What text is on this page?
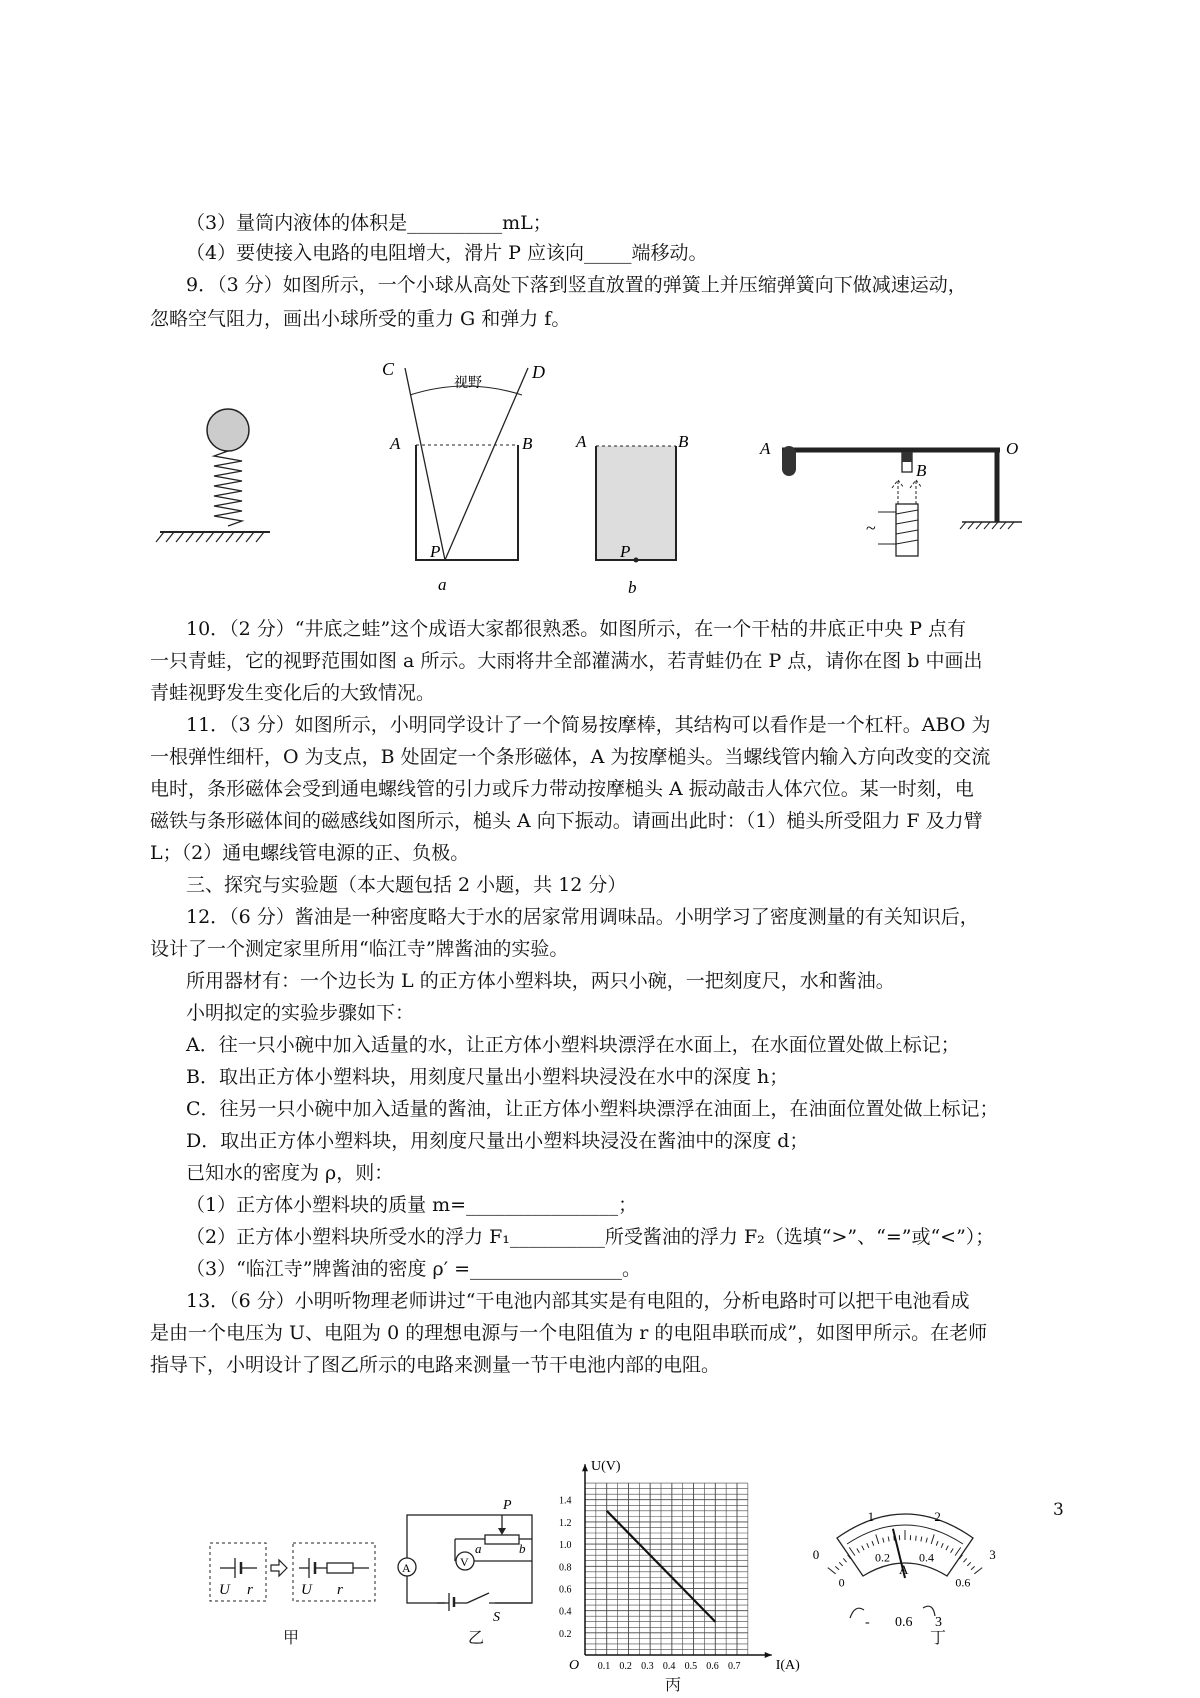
（3）量筒内液体的体积是__________mL；
（4）要使接入电路的电阻增大，滑片 P 应该向_____端移动。
9．（3 分）如图所示，一个小球从高处下落到竖直放置的弹簧上并压缩弹簧向下做减速运动，
忽略空气阻力，画出小球所受的重力 G 和弹力 f。
视野
C	D
A	B
P
a
A	B
P
b
A
B
O
~
10．（2 分）“井底之蛙”这个成语大家都很熟悉。如图所示，在一个干枯的井底正中央 P 点有
一只青蛙，它的视野范围如图 a 所示。大雨将井全部灌满水，若青蛙仍在 P 点，请你在图 b 中画出
青蛙视野发生变化后的大致情况。
11．（3 分）如图所示，小明同学设计了一个简易按摩棒，其结构可以看作是一个杠杆。ABO 为
一根弹性细杆，O 为支点，B 处固定一个条形磁体，A 为按摩槌头。当螺线管内输入方向改变的交流
电时，条形磁体会受到通电螺线管的引力或斥力带动按摩槌头 A 振动敲击人体穴位。某一时刻，电
磁铁与条形磁体间的磁感线如图所示，槌头 A 向下振动。请画出此时：（1）槌头所受阻力 F 及力臂
L；（2）通电螺线管电源的正、负极。
三、探究与实验题（本大题包括 2 小题，共 12 分）
12．（6 分）酱油是一种密度略大于水的居家常用调味品。小明学习了密度测量的有关知识后，
设计了一个测定家里所用“临江寺”牌酱油的实验。
所用器材有：一个边长为 L 的正方体小塑料块，两只小碗，一把刻度尺，水和酱油。
小明拟定的实验步骤如下：
A．往一只小碗中加入适量的水，让正方体小塑料块漂浮在水面上，在水面位置处做上标记；
B．取出正方体小塑料块，用刻度尺量出小塑料块浸没在水中的深度 h；
C．往另一只小碗中加入适量的酱油，让正方体小塑料块漂浮在油面上，在油面位置处做上标记；
D．取出正方体小塑料块，用刻度尺量出小塑料块浸没在酱油中的深度 d；
已知水的密度为 ρ，则：
（1）正方体小塑料块的质量 m=________________；
（2）正方体小塑料块所受水的浮力 F₁__________所受酱油的浮力 F₂（选填“>”、“=”或“<”）；
（3）“临江寺”牌酱油的密度 ρ′ =________________。
13．（6 分）小明听物理老师讲过“干电池内部其实是有电阻的，分析电路时可以把干电池看成
是由一个电压为 U、电阻为 0 的理想电源与一个电阻值为 r 的电阻串联而成”，如图甲所示。在老师
指导下，小明设计了图乙所示的电路来测量一节干电池内部的电阻。
U r	U r
甲
P
a	b
V
A
S
乙
0.1 0.2 0.3 0.4 0.5 0.6 0.7
0.2
0.4
0.6
0.8
1.0
1.2
1.4
O	I(A)
U(V)
丙
0
1	2
3
0
0.2 0.4
0.6
A
- 0.6 3
丁
3
